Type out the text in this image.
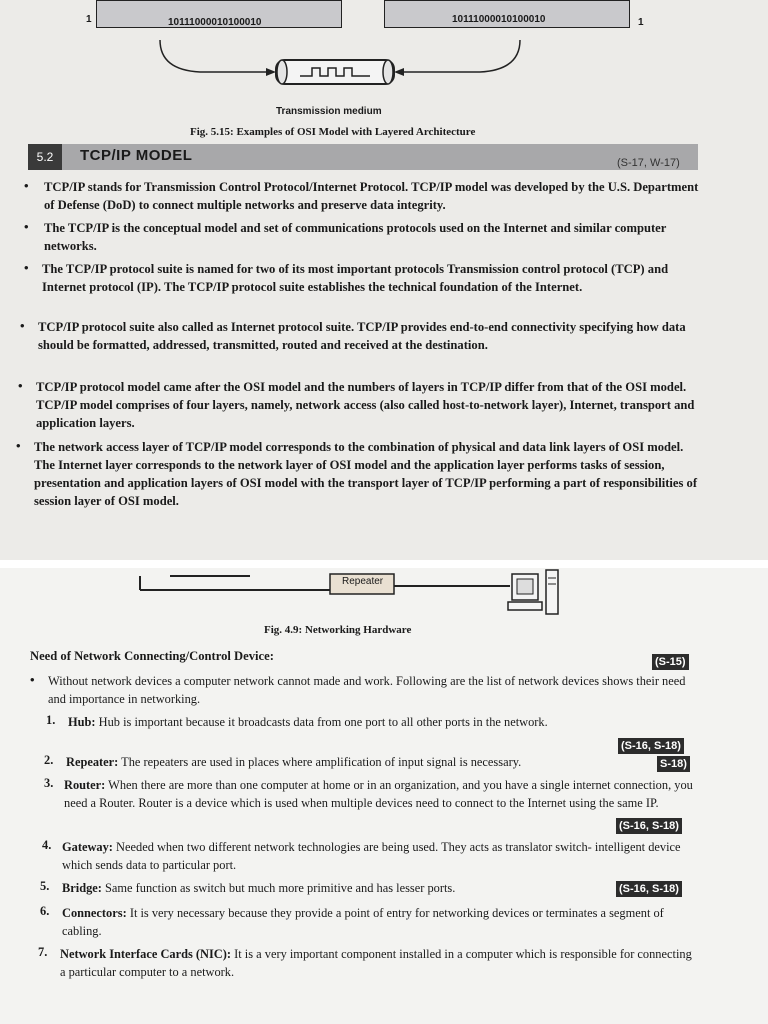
1	10111000010100010	10111000010100010	1
Transmission medium
Fig. 5.15: Examples of OSI Model with Layered Architecture
5.2	TCP/IP MODEL	(S-17, W-17)
• TCP/IP stands for Transmission Control Protocol/Internet Protocol. TCP/IP model was developed by the U.S. Department of Defense (DoD) to connect multiple networks and preserve data integrity.
• The TCP/IP is the conceptual model and set of communications protocols used on the Internet and similar computer networks.
• The TCP/IP protocol suite is named for two of its most important protocols Transmission control protocol (TCP) and Internet protocol (IP). The TCP/IP protocol suite establishes the technical foundation of the Internet.
• TCP/IP protocol suite also called as Internet protocol suite. TCP/IP provides end-to-end connectivity specifying how data should be formatted, addressed, transmitted, routed and received at the destination.
• TCP/IP protocol model came after the OSI model and the numbers of layers in TCP/IP differ from that of the OSI model. TCP/IP model comprises of four layers, namely, network access (also called host-to-network layer), Internet, transport and application layers.
• The network access layer of TCP/IP model corresponds to the combination of physical and data link layers of OSI model. The Internet layer corresponds to the network layer of OSI model and the application layer performs tasks of session, presentation and application layers of OSI model with the transport layer of TCP/IP performing a part of responsibilities of session layer of OSI model.
Repeater
Fig. 4.9: Networking Hardware
Need of Network Connecting/Control Device:	(S-15)
• Without network devices a computer network cannot made and work. Following are the list of network devices shows their need and importance in networking.
1. Hub: Hub is important because it broadcasts data from one port to all other ports in the network.
(S-16, S-18)
2. Repeater: The repeaters are used in places where amplification of input signal is necessary.	S-18)
3. Router: When there are more than one computer at home or in an organization, and you have a single internet connection, you need a Router. Router is a device which is used when multiple devices need to connect to the Internet using the same IP.
(S-16, S-18)
4. Gateway: Needed when two different network technologies are being used. They acts as translator switch- intelligent device which sends data to particular port.
5. Bridge: Same function as switch but much more primitive and has lesser ports.	(S-16, S-18)
6. Connectors: It is very necessary because they provide a point of entry for networking devices or terminates a segment of cabling.
7. Network Interface Cards (NIC): It is a very important component installed in a computer which is responsible for connecting a particular computer to a network.
